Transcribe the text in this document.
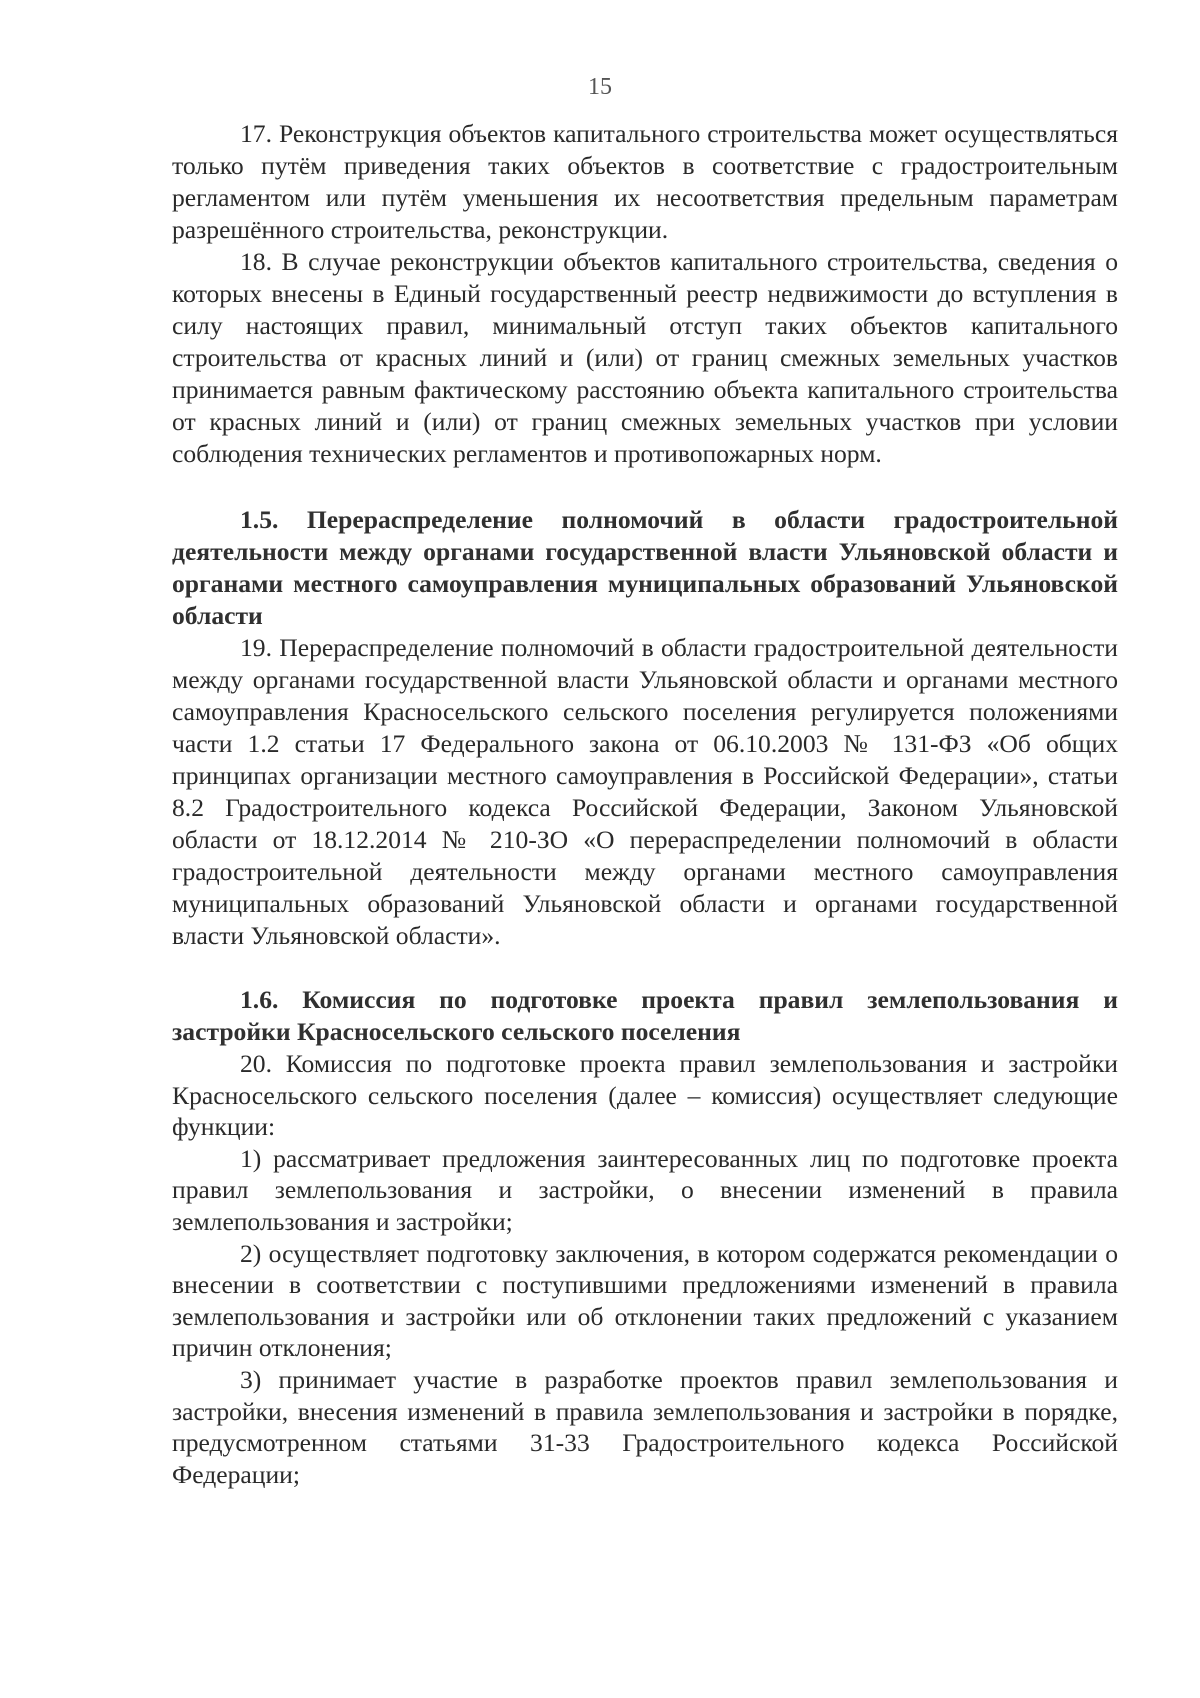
15

17. Реконструкция объектов капитального строительства может осуществляться только путём приведения таких объектов в соответствие с градостроительным регламентом или путём уменьшения их несоответствия предельным параметрам разрешённого строительства, реконструкции.

18. В случае реконструкции объектов капитального строительства, сведения о которых внесены в Единый государственный реестр недвижимости до вступления в силу настоящих правил, минимальный отступ таких объектов капитального строительства от красных линий и (или) от границ смежных земельных участков принимается равным фактическому расстоянию объекта капитального строительства от красных линий и (или) от границ смежных земельных участков при условии соблюдения технических регламентов и противопожарных норм.

1.5. Перераспределение полномочий в области градостроительной деятельности между органами государственной власти Ульяновской области и органами местного самоуправления муниципальных образований Ульяновской области

19. Перераспределение полномочий в области градостроительной деятельности между органами государственной власти Ульяновской области и органами местного самоуправления Красносельского сельского поселения регулируется положениями части 1.2 статьи 17 Федерального закона от 06.10.2003 № 131-ФЗ «Об общих принципах организации местного самоуправления в Российской Федерации», статьи 8.2 Градостроительного кодекса Российской Федерации, Законом Ульяновской области от 18.12.2014 № 210-ЗО «О перераспределении полномочий в области градостроительной деятельности между органами местного самоуправления муниципальных образований Ульяновской области и органами государственной власти Ульяновской области».

1.6. Комиссия по подготовке проекта правил землепользования и застройки Красносельского сельского поселения

20. Комиссия по подготовке проекта правил землепользования и застройки Красносельского сельского поселения (далее – комиссия) осуществляет следующие функции:

1) рассматривает предложения заинтересованных лиц по подготовке проекта правил землепользования и застройки, о внесении изменений в правила землепользования и застройки;

2) осуществляет подготовку заключения, в котором содержатся рекомендации о внесении в соответствии с поступившими предложениями изменений в правила землепользования и застройки или об отклонении таких предложений с указанием причин отклонения;

3) принимает участие в разработке проектов правил землепользования и застройки, внесения изменений в правила землепользования и застройки в порядке, предусмотренном статьями 31-33 Градостроительного кодекса Российской Федерации;
